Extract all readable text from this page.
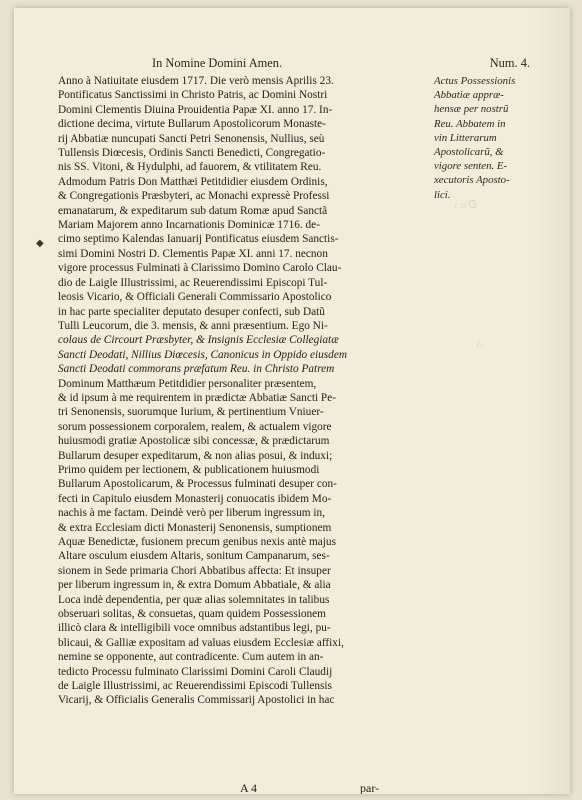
In Nomine Domini Amen.	Num. 4.
◆
Anno à Natiuitate eiusdem 1717. Die verò mensis Aprilis 23.
Pontificatus Sanctissimi in Christo Patris, ac Domini Nostri
Domini Clementis Diuina Prouidentia Papæ XI. anno 17. In-
dictione decima, virtute Bullarum Apostolicorum Monaste-
rij Abbatiæ nuncupati Sancti Petri Senonensis, Nullius, seù
Tullensis Diœcesis, Ordinis Sancti Benedicti, Congregatio-
nis SS. Vitoni, & Hydulphi, ad fauorem, & vtilitatem Reu.
Admodum Patris Don Matthæi Petitdidier eiusdem Ordinis,
& Congregationis Præsbyteri, ac Monachi expressè Professi
emanatarum, & expeditarum sub datum Romæ apud Sanctã
Mariam Majorem anno Incarnationis Dominicæ 1716. de-
cimo septimo Kalendas Ianuarij Pontificatus eiusdem Sanctis-
simi Domini Nostri D. Clementis Papæ XI. anni 17. necnon
vigore processus Fulminati à Clarissimo Domino Carolo Clau-
dio de Laigle Illustrissimi, ac Reuerendissimi Episcopi Tul-
leosis Vicario, & Officiali Generali Commissario Apostolico
in hac parte specialiter deputato desuper confecti, sub Datũ
Tulli Leucorum, die 3. mensis, & anni præsentium. Ego Ni-
colaus de Circourt Præsbyter, & Insignis Ecclesiæ Collegiatæ
Sancti Deodati, Nillius Diœcesis, Canonicus in Oppido eiusdem
Sancti Deodati commorans præfatum Reu. in Christo Patrem
Dominum Matthæum Petitdidier personaliter præsentem,
& id ipsum à me requirentem in prædictæ Abbatiæ Sancti Pe-
tri Senonensis, suorumque Iurium, & pertinentium Vniuer-
sorum possessionem corporalem, realem, & actualem vigore
huiusmodi gratiæ Apostolicæ sibi concessæ, & prædictarum
Bullarum desuper expeditarum, & non alias posui, & induxi;
Primo quidem per lectionem, & publicationem huiusmodi
Bullarum Apostolicarum, & Processus fulminati desuper con-
fecti in Capitulo eiusdem Monasterij conuocatis ibidem Mo-
nachis à me factam. Deindè verò per liberum ingressum in,
& extra Ecclesiam dicti Monasterij Senonensis, sumptionem
Aquæ Benedictæ, fusionem precum genibus nexis antè majus
Altare osculum eiusdem Altaris, sonitum Campanarum, ses-
sionem in Sede primaria Chori Abbatibus affecta: Et insuper
per liberum ingressum in, & extra Domum Abbatiale, & alia
Loca indè dependentia, per quæ alias solemnitates in talibus
obseruari solitas, & consuetas, quam quidem Possessionem
illicò clara & intelligibili voce omnibus adstantibus legi, pu-
blicaui, & Galliæ expositam ad valuas eiusdem Ecclesiæ affixi,
nemine se opponente, aut contradicente. Cum autem in an-
tedicto Processu fulminato Clarissimi Domini Caroli Claudij
de Laigle Illustrissimi, ac Reuerendissimi Episcodi Tullensis
Vicarij, & Officialis Generalis Commissarij Apostolici in hac
Actus Possessionis
Abbatiæ appræ-
hensæ per nostrũ
Reu. Abbatem in
vin Litterarum
Apostolicarũ, &
vigore senten. E-
xecutoris Aposto-
lici.
Ꝺ ɑ ɿ
A
A 4	par-
